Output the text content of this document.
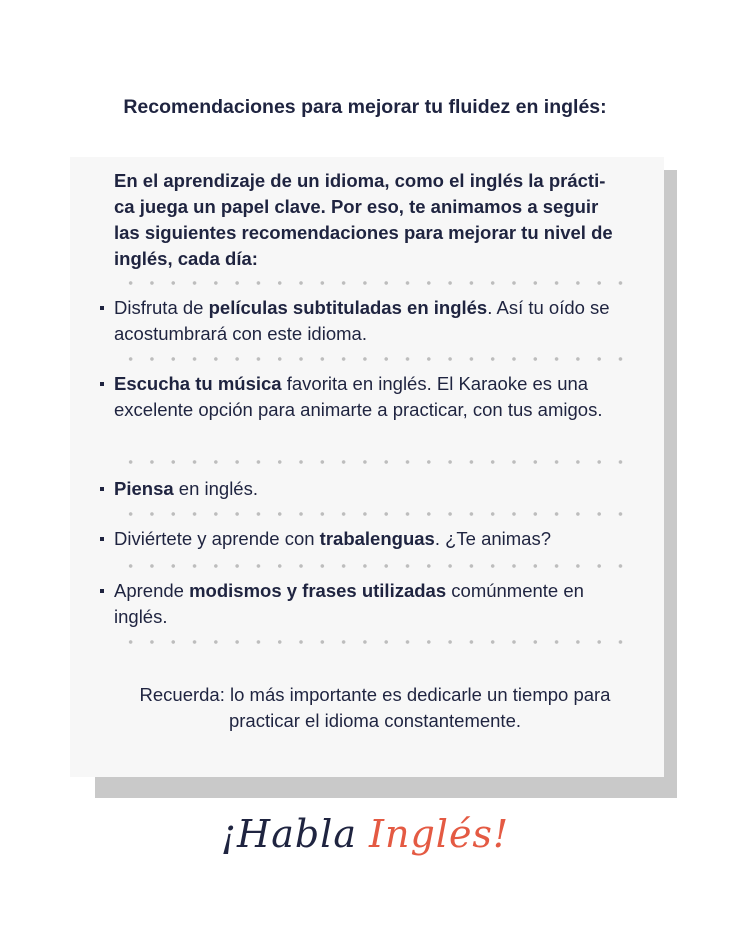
Recomendaciones para mejorar tu fluidez en inglés:
En el aprendizaje de un idioma, como el inglés la prácti-
ca juega un papel clave. Por eso, te animamos a seguir
las siguientes recomendaciones para mejorar tu nivel de
inglés, cada día:
Disfruta de películas subtituladas en inglés. Así tu oído se acostumbrará con este idioma.
Escucha tu música favorita en inglés. El Karaoke es una excelente opción para animarte a practicar, con tus amigos.
Piensa en inglés.
Diviértete y aprende con trabalenguas. ¿Te animas?
Aprende modismos y frases utilizadas comúnmente en inglés.
Recuerda: lo más importante es dedicarle un tiempo para
practicar el idioma constantemente.
¡Habla Inglés!
